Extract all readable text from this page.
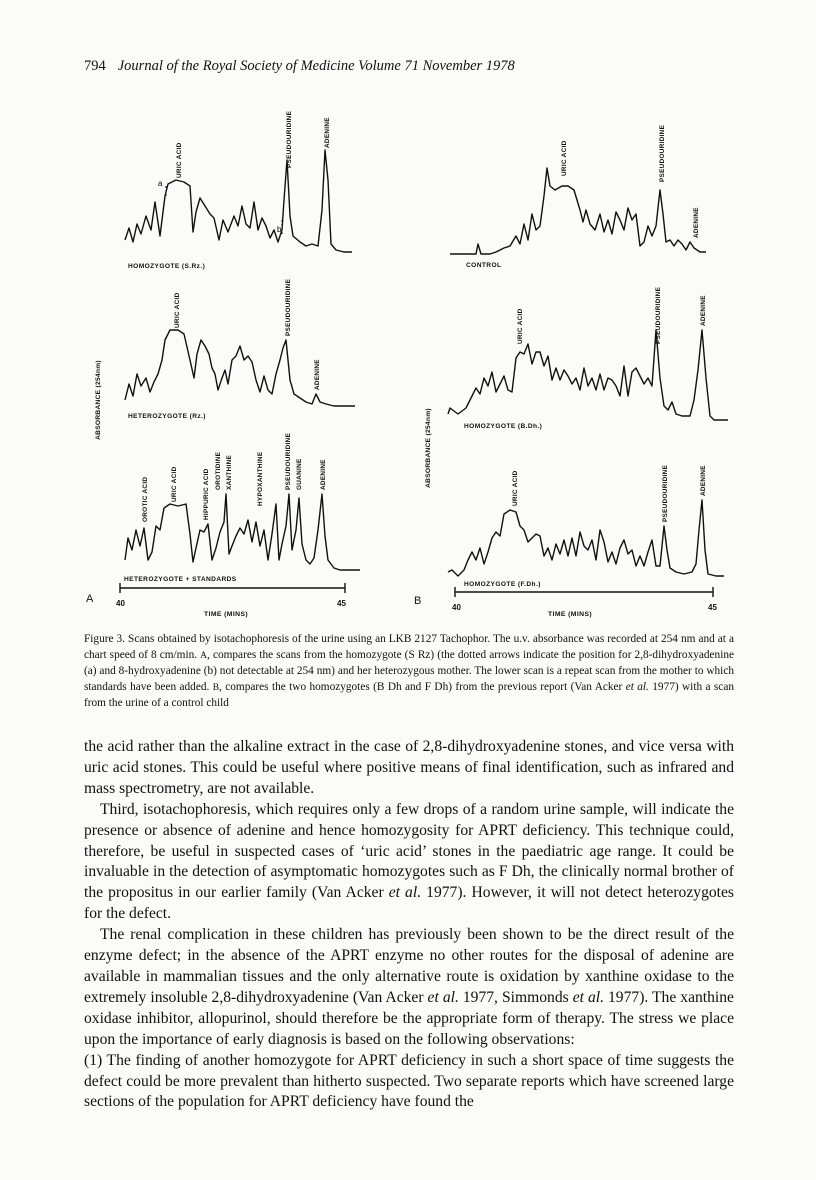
794 Journal of the Royal Society of Medicine Volume 71 November 1978
a
b
HOMOZYGOTE (S.Rz.)	CONTROL
HETEROZYGOTE (Rz.)
HOMOZYGOTE (B.Dh.)
HETEROZYGOTE + STANDARDS
HOMOZYGOTE (F.Dh.)
URIC ACID	PSEUDOURIDINE	ADENINE
URIC ACID	PSEUDOURIDINE
ADENINE
URIC ACID	PSEUDOURIDINE
ADENINE
URIC ACID	PSEUDOURIDINE	ADENINE
OROTIC ACID	URIC ACID	HIPPURIC ACID OROTIDINE XANTHINE	HYPOXANTHINE	PSEUDOURIDINE GUANINE	ADENINE	URIC ACID	PSEUDOURIDINE	ADENINE
ABSORBANCE (254nm)
ABSORBANCE (254nm)
40	45	40	45
TIME (MINS)	TIME (MINS)
A	B
Figure 3. Scans obtained by isotachophoresis of the urine using an LKB 2127 Tachophor. The u.v. absorbance was recorded at 254 nm and at a chart speed of 8 cm/min. A, compares the scans from the homozygote (S Rz) (the dotted arrows indicate the position for 2,8-dihydroxyadenine (a) and 8-hydroxyadenine (b) not detectable at 254 nm) and her heterozygous mother. The lower scan is a repeat scan from the mother to which standards have been added. B, compares the two homozygotes (B Dh and F Dh) from the previous report (Van Acker et al. 1977) with a scan from the urine of a control child

the acid rather than the alkaline extract in the case of 2,8-dihydroxyadenine stones, and vice versa with uric acid stones. This could be useful where positive means of final identification, such as infrared and mass spectrometry, are not available.

Third, isotachophoresis, which requires only a few drops of a random urine sample, will indicate the presence or absence of adenine and hence homozygosity for APRT deficiency. This technique could, therefore, be useful in suspected cases of ‘uric acid’ stones in the paediatric age range. It could be invaluable in the detection of asymptomatic homozygotes such as F Dh, the clinically normal brother of the propositus in our earlier family (Van Acker et al. 1977). However, it will not detect heterozygotes for the defect.

The renal complication in these children has previously been shown to be the direct result of the enzyme defect; in the absence of the APRT enzyme no other routes for the disposal of adenine are available in mammalian tissues and the only alternative route is oxidation by xanthine oxidase to the extremely insoluble 2,8-dihydroxyadenine (Van Acker et al. 1977, Simmonds et al. 1977). The xanthine oxidase inhibitor, allopurinol, should therefore be the appropriate form of therapy. The stress we place upon the importance of early diagnosis is based on the following observations:

(1) The finding of another homozygote for APRT deficiency in such a short space of time suggests the defect could be more prevalent than hitherto suspected. Two separate reports which have screened large sections of the population for APRT deficiency have found the
